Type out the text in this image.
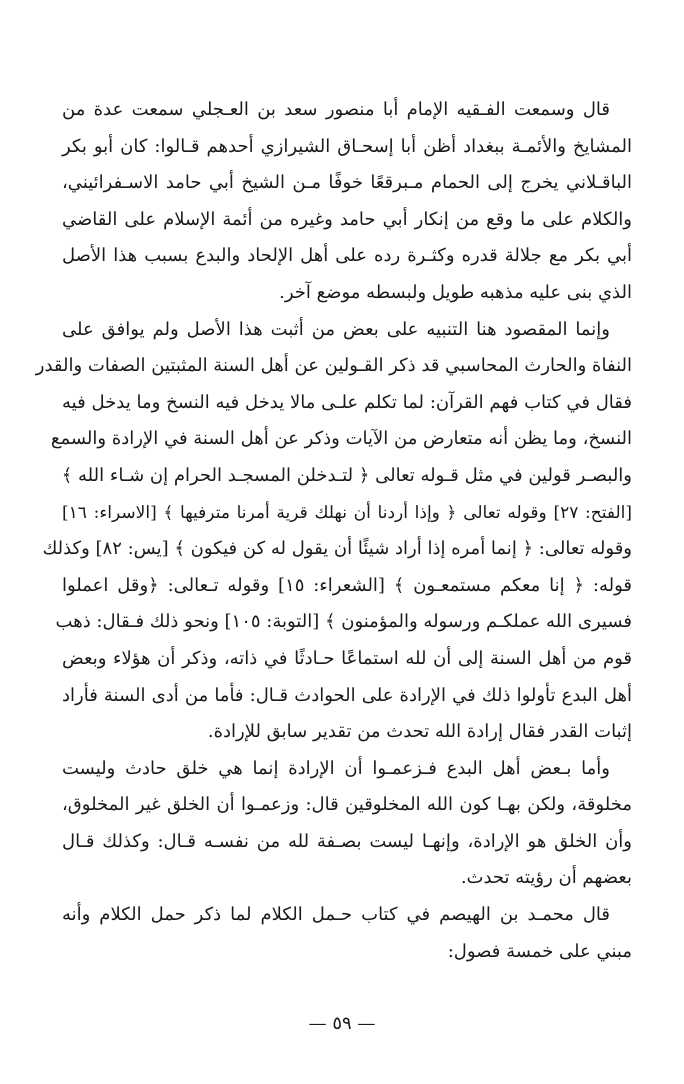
قال وسمعت الفـقيه الإمام أبا منصور سعد بن العـجلي سمعت عدة من
المشايخ والأئمـة ببغداد أظن أبا إسحـاق الشيرازي أحدهم قـالوا: كان أبو بكر
الباقـلاني يخرج إلى الحمام مـبرقعًا خوفًا مـن الشيخ أبي حامد الاسـفرائيني،
والكلام على ما وقع من إنكار أبي حامد وغيره من أئمة الإسلام على القاضي
أبي بكر مع جلالة قدره وكثـرة رده على أهل الإلحاد والبدع بسبب هذا الأصل
الذي بنى عليه مذهبه طويل ولبسطه موضع آخر.
وإنما المقصود هنا التنبيه على بعض من أثبت هذا الأصل ولم يوافق على
النفاة والحارث المحاسبي قد ذكر القـولين عن أهل السنة المثبتين الصفات والقدر
فقال في كتاب فهم القرآن: لما تكلم علـى مالا يدخل فيه النسخ وما يدخل فيه
النسخ، وما يظن أنه متعارض من الآيات وذكر عن أهل السنة في الإرادة والسمع
والبصـر قولين في مثل قـوله تعالى ﴿ لتـدخلن المسجـد الحرام إن شـاء الله ﴾
[الفتح: ٢٧] وقوله تعالى ﴿ وإذا أردنا أن نهلك قرية أمرنا مترفيها ﴾ [الاسراء: ١٦]
وقوله تعالى: ﴿ إنما أمره إذا أراد شيئًا أن يقول له كن فيكون ﴾ [يس: ٨٢] وكذلك
قوله: ﴿ إنا معكم مستمعـون ﴾ [الشعراء: ١٥] وقوله تـعالى: ﴿وقل اعملوا
فسيرى الله عملكـم ورسوله والمؤمنون ﴾ [التوبة: ١٠٥] ونحو ذلك فـقال: ذهب
قوم من أهل السنة إلى أن لله استماعًا حـادثًا في ذاته، وذكر أن هؤلاء وبعض
أهل البدع تأولوا ذلك في الإرادة على الحوادث قـال: فأما من أدى السنة فأراد
إثبات القدر فقال إرادة الله تحدث من تقدير سابق للإرادة.
وأما بـعض أهل البدع فـزعمـوا أن الإرادة إنما هي خلق حادث وليست
مخلوقة، ولكن بهـا كون الله المخلوقين قال: وزعمـوا أن الخلق غير المخلوق،
وأن الخلق هو الإرادة، وإنهـا ليست بصـفة لله من نفسـه قـال: وكذلك قـال
بعضهم أن رؤيته تحدث.
قال محمـد بن الهيصم في كتاب حـمل الكلام لما ذكر حمل الكلام وأنه
مبني على خمسة فصول:
— ٥٩ —
